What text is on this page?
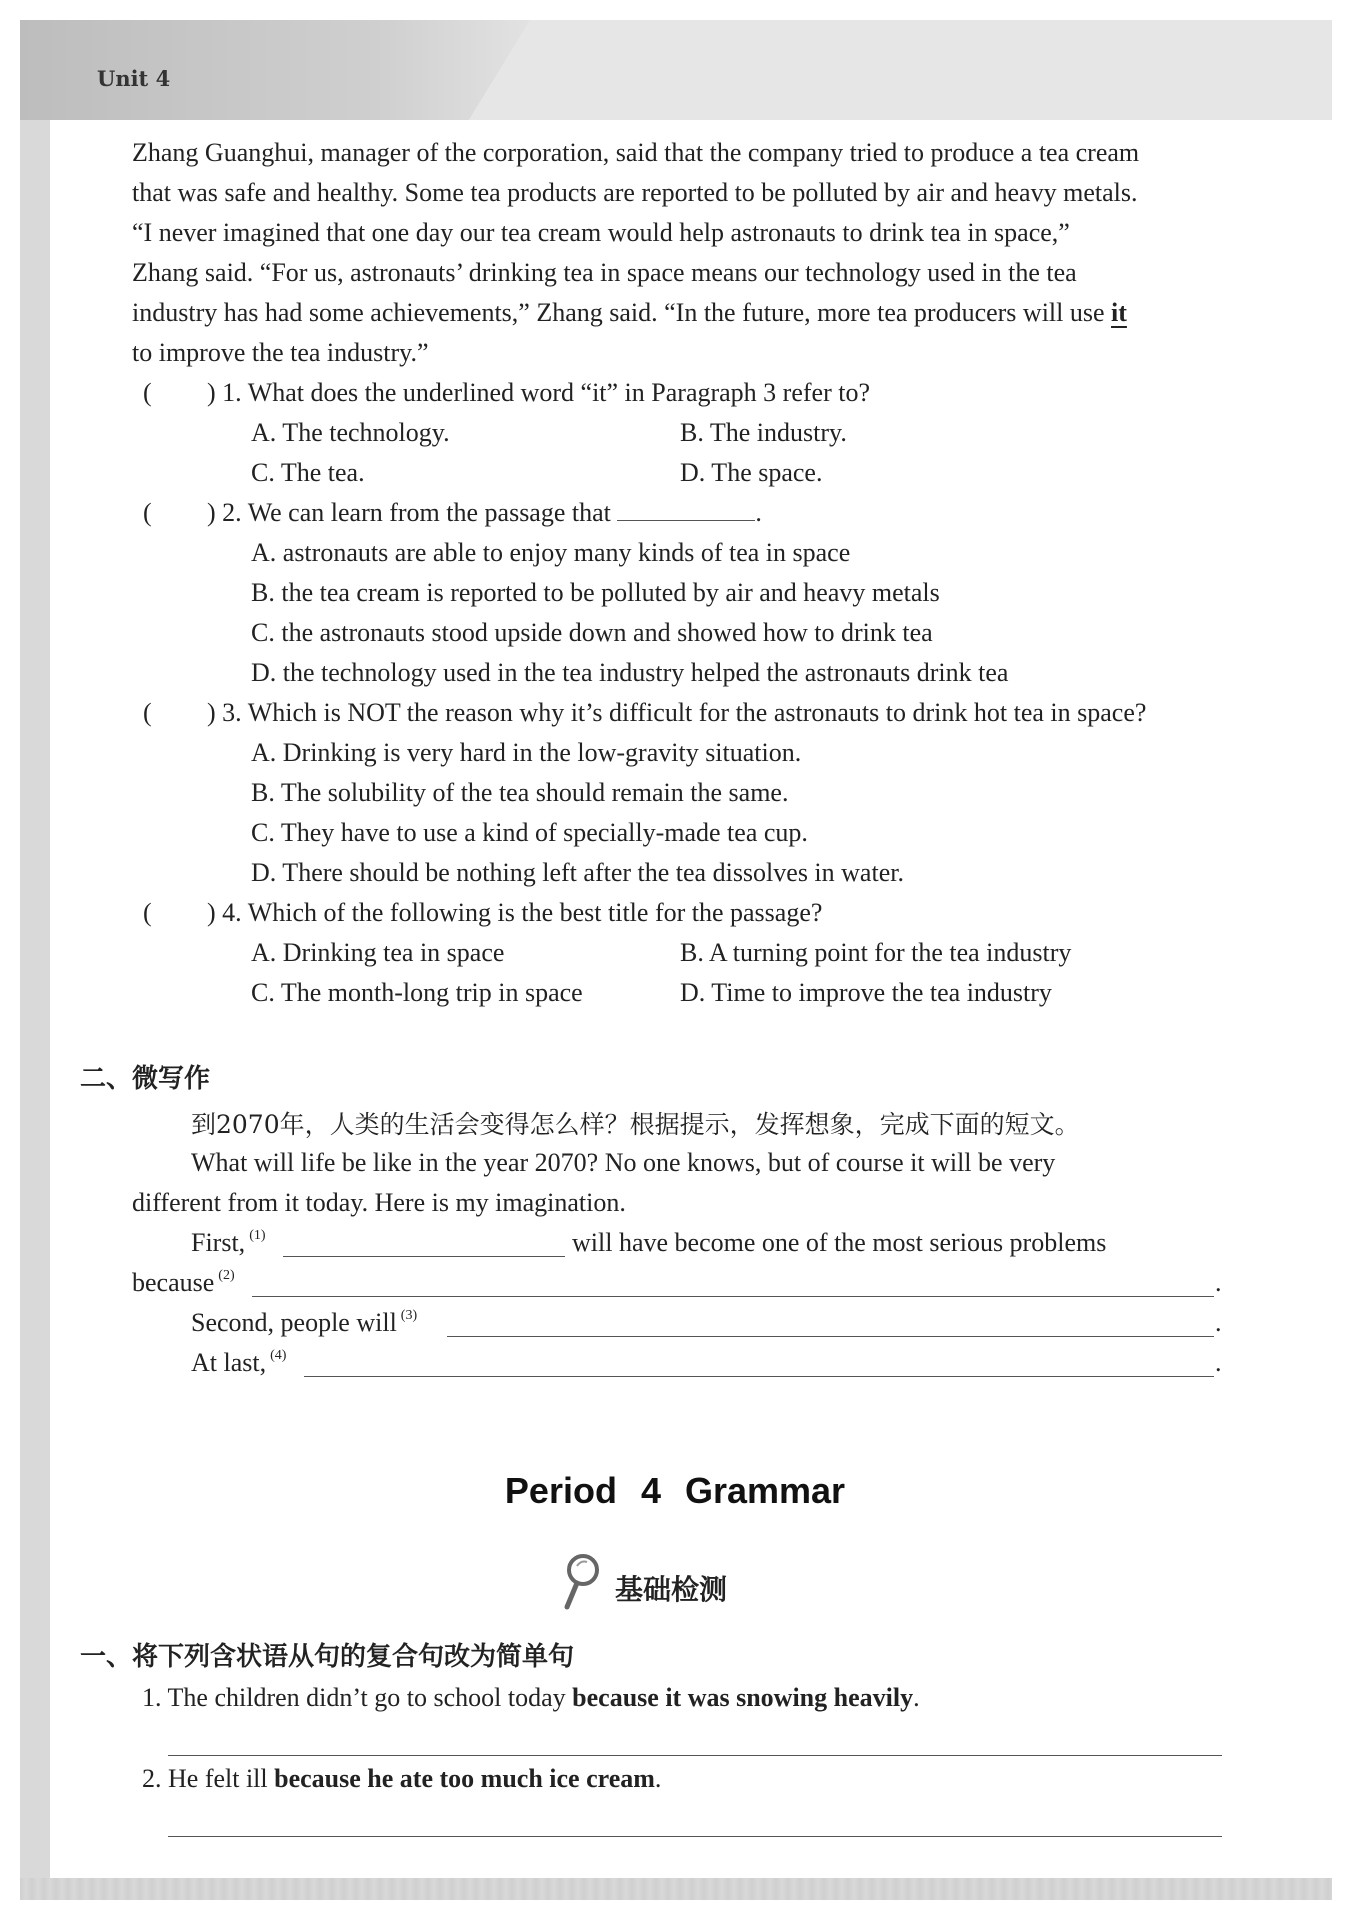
Unit 4
Zhang Guanghui, manager of the corporation, said that the company tried to produce a tea cream
that was safe and healthy. Some tea products are reported to be polluted by air and heavy metals.
“I never imagined that one day our tea cream would help astronauts to drink tea in space,”
Zhang said. “For us, astronauts’ drinking tea in space means our technology used in the tea
industry has had some achievements,” Zhang said. “In the future, more tea producers will use it
to improve the tea industry.”
( ) 1. What does the underlined word “it” in Paragraph 3 refer to?
A. The technology.	B. The industry.
C. The tea.	D. The space.
( ) 2. We can learn from the passage that	.
A. astronauts are able to enjoy many kinds of tea in space
B. the tea cream is reported to be polluted by air and heavy metals
C. the astronauts stood upside down and showed how to drink tea
D. the technology used in the tea industry helped the astronauts drink tea
( ) 3. Which is NOT the reason why it’s difficult for the astronauts to drink hot tea in space?
A. Drinking is very hard in the low-gravity situation.
B. The solubility of the tea should remain the same.
C. They have to use a kind of specially-made tea cup.
D. There should be nothing left after the tea dissolves in water.
( ) 4. Which of the following is the best title for the passage?
A. Drinking tea in space	B. A turning point for the tea industry
C. The month-long trip in space	D. Time to improve the tea industry
二、微写作
到2070年，人类的生活会变得怎么样？根据提示，发挥想象，完成下面的短文。
What will life be like in the year 2070? No one knows, but of course it will be very
different from it today. Here is my imagination.
First, $^{(1)}$	will have become one of the most serious problems
because $^{(2)}$	.
Second, people will $^{(3)}$	.
At last, $^{(4)}$	.
Period 4 Grammar
基础检测
一、将下列含状语从句的复合句改为简单句
1. The children didn’t go to school today because it was snowing heavily.
2. He felt ill because he ate too much ice cream.
